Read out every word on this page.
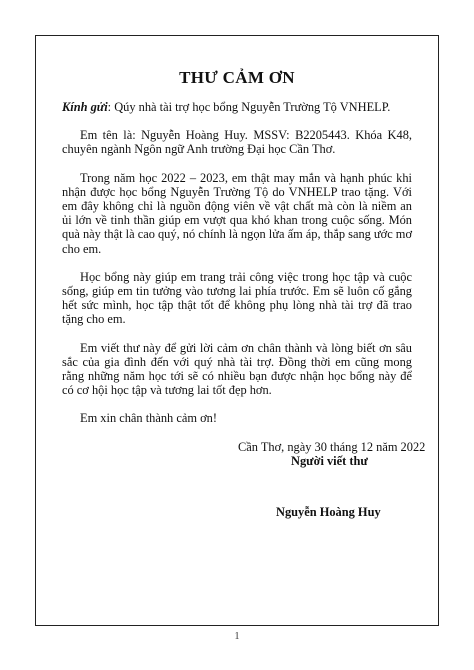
THƯ CẢM ƠN

Kính gửi: Qúy nhà tài trợ học bổng Nguyễn Trường Tộ VNHELP.

Em tên là: Nguyễn Hoàng Huy. MSSV: B2205443. Khóa K48, chuyên ngành Ngôn ngữ Anh trường Đại học Cần Thơ.

Trong năm học 2022 – 2023, em thật may mắn và hạnh phúc khi nhận được học bổng Nguyễn Trường Tộ do VNHELP trao tặng. Với em đây không chỉ là nguồn động viên về vật chất mà còn là niềm an ủi lớn về tinh thần giúp em vượt qua khó khan trong cuộc sống. Món quà này thật là cao quý, nó chính là ngọn lửa ấm áp, thắp sang ước mơ cho em.

Học bổng này giúp em trang trải công việc trong học tập và cuộc sống, giúp em tin tưởng vào tương lai phía trước. Em sẽ luôn cố gắng hết sức mình, học tập thật tốt để không phụ lòng nhà tài trợ đã trao tặng cho em.

Em viết thư này để gửi lời cảm ơn chân thành và lòng biết ơn sâu sắc của gia đình đến với quý nhà tài trợ. Đồng thời em cũng mong rằng những năm học tới sẽ có nhiều bạn được nhận học bổng này để có cơ hội học tập và tương lai tốt đẹp hơn.

Em xin chân thành cảm ơn!

Cần Thơ, ngày 30 tháng 12 năm 2022
Người viết thư
Nguyễn Hoàng Huy
1
